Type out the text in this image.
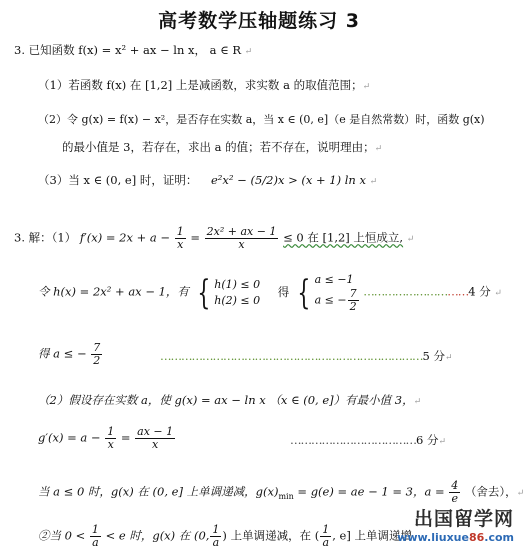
高考数学压轴题练习 3
3. 已知函数 f(x) = x² + ax − ln x， a ∈ R ↵
（1）若函数 f(x) 在 [1,2] 上是减函数，求实数 a 的取值范围；↵
（2）令 g(x) = f(x) − x²，是否存在实数 a，当 x ∈ (0, e]（e 是自然常数）时，函数 g(x)
的最小值是 3，若存在，求出 a 的值；若不存在，说明理由；↵
（3）当 x ∈ (0, e] 时，证明： e²x² − (5/2)x > (x + 1) ln x ↵
3. 解：（1） $f'(x) = 2x + a - \frac{1}{x} = \frac{\text{2x² + ax − 1}}{x} \le 0$ 在 [1,2] 上恒成立, ↵
令 h(x) = 2x² + ax − 1，有 { h(1) ≤ 0
h(2) ≤ 0
得 { a ≤ −1
a ≤ − $\frac{7}{2}$ …………………………4 分 ↵
得 a ≤ − $\frac{7}{2}$	…………………………………………………………………5 分↵
（2）假设存在实数 a，使 g(x) = ax − ln x （x ∈ (0, e]）有最小值 3，↵
$g'(x) = a - \frac{1}{x} = \frac{ax - 1}{x}$	………………………………6 分↵
当 a ≤ 0 时，g(x) 在 (0, e] 上单调递减，$g(x)_{min} = g(e)$ = ae − 1 = 3，$a = \frac{4}{e}$ （舍去），↵
②当 $0 < \frac{1}{a} < e$ 时，g(x) 在 (0, $\frac{1}{a}$ ) 上单调递减，在 ( $\frac{1}{a}$ , e] 上单调递增
出国留学网
www.liuxue86.com
